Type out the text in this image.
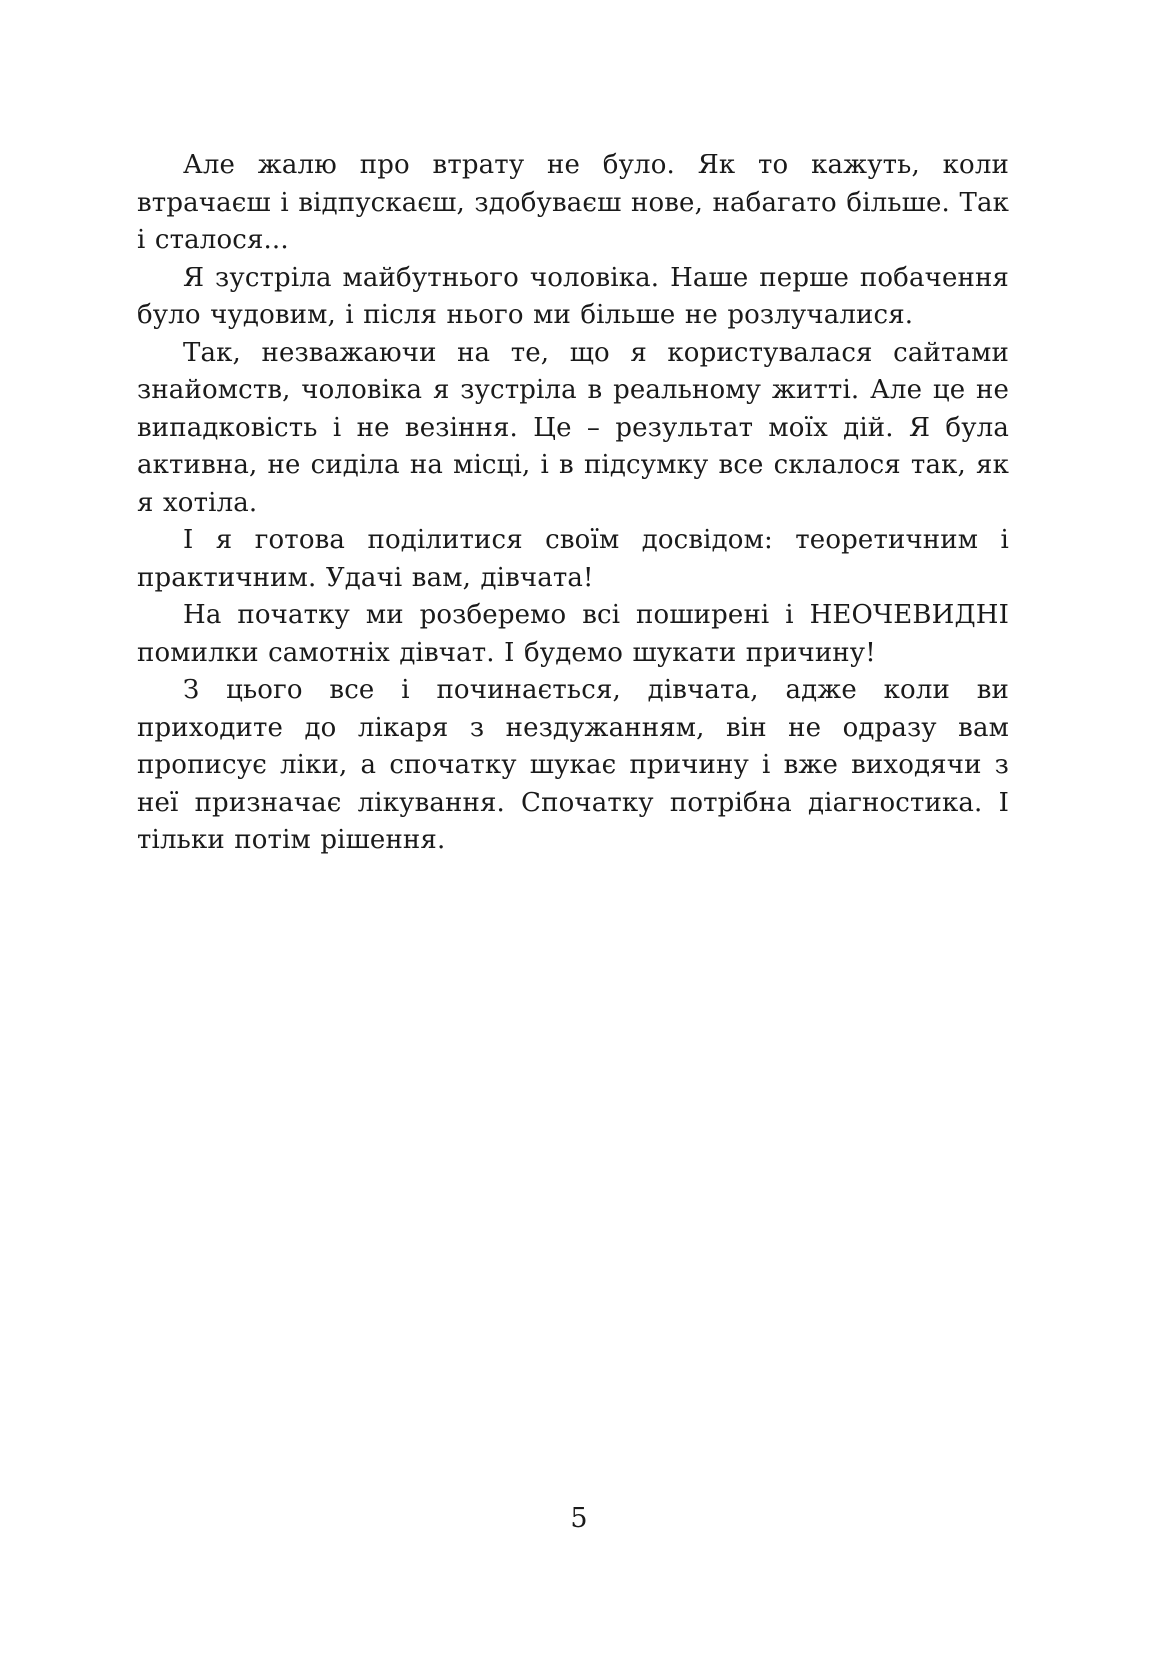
Але жалю про втрату не було. Як то кажуть, коли втрачаєш і відпускаєш, здобуваєш нове, набагато більше. Так і сталося...

Я зустріла майбутнього чоловіка. Наше перше побачення було чудовим, і після нього ми більше не розлучалися.

Так, незважаючи на те, що я користувалася сайтами знайомств, чоловіка я зустріла в реальному житті. Але це не випадковість і не везіння. Це – результат моїх дій. Я була активна, не сиділа на місці, і в підсумку все склалося так, як я хотіла.

І я готова поділитися своїм досвідом: теоретичним і практичним. Удачі вам, дівчата!

На початку ми розберемо всі поширені і НЕОЧЕВИДНІ помилки самотніх дівчат. І будемо шукати причину!

З цього все і починається, дівчата, адже коли ви приходите до лікаря з нездужанням, він не одразу вам прописує ліки, а спочатку шукає причину і вже виходячи з неї призначає лікування. Спочатку потрібна діагностика. І тільки потім рішення.

5
